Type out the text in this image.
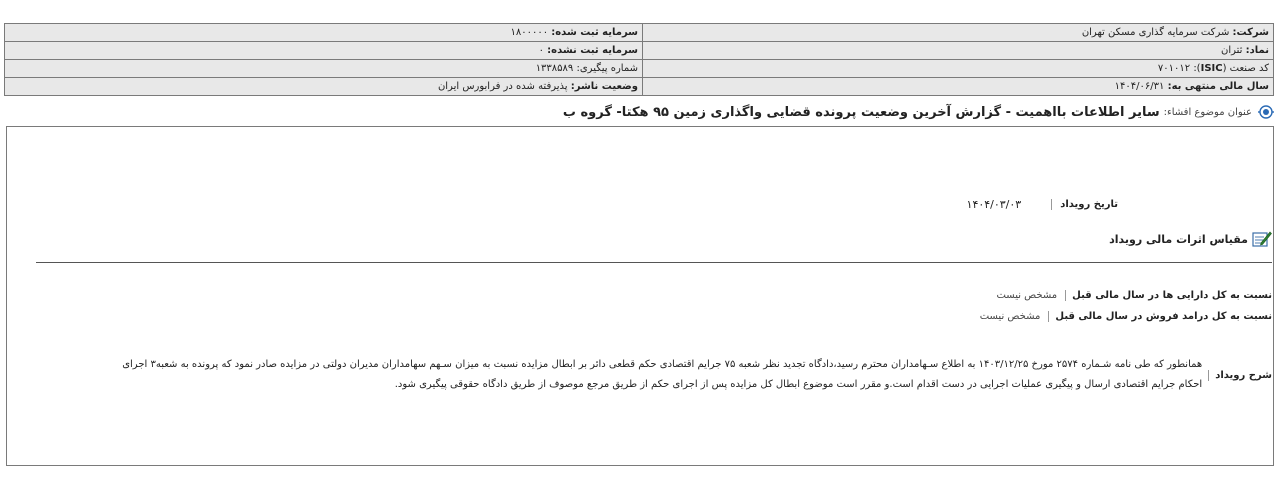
شرکت: شرکت سرمایه گذاری مسکن تهران	سرمایه ثبت شده: ۱۸۰۰۰۰۰
نماد: ثتران	سرمایه ثبت نشده: ۰
کد صنعت (ISIC): ۷۰۱۰۱۲	شماره پیگیری: ۱۳۳۸۵۸۹
سال مالی منتهی به: ۱۴۰۴/۰۶/۳۱	وضعیت ناشر: پذیرفته شده در فرابورس ایران
عنوان موضوع افشاء:
سایر اطلاعات بااهمیت - گزارش آخرین وضعیت پرونده قضایی واگذاری زمین ۹۵ هکتا- گروه ب
تاریخ رویداد
۱۴۰۴/۰۳/۰۳
مقیاس اثرات مالی رویداد
نسبت به کل دارایی ها در سال مالی قبل
مشخص نیست
نسبت به کل درامد فروش در سال مالی قبل
مشخص نیست
شرح رویداد
همانطور که طی نامه شـماره ۲۵۷۴ مورخ ۱۴۰۳/۱۲/۲۵ به اطلاع سـهامداران محترم رسید،دادگاه تجدید نظر شعبه ۷۵ جرایم اقتصادی حکم قطعی دائر بر ابطال مزایده نسبت به میزان سـهم سهامداران مدیران دولتی در مزایده صادر نمود که پرونده به شعبه۳ اجرای احکام جرایم اقتصادی ارسال و پیگیری عملیات اجرایی در دست اقدام است.و مقرر است موضوع ابطال کل مزایده پس از اجرای حکم از طریق مرجع موصوف از طریق دادگاه حقوقی پیگیری شود.
